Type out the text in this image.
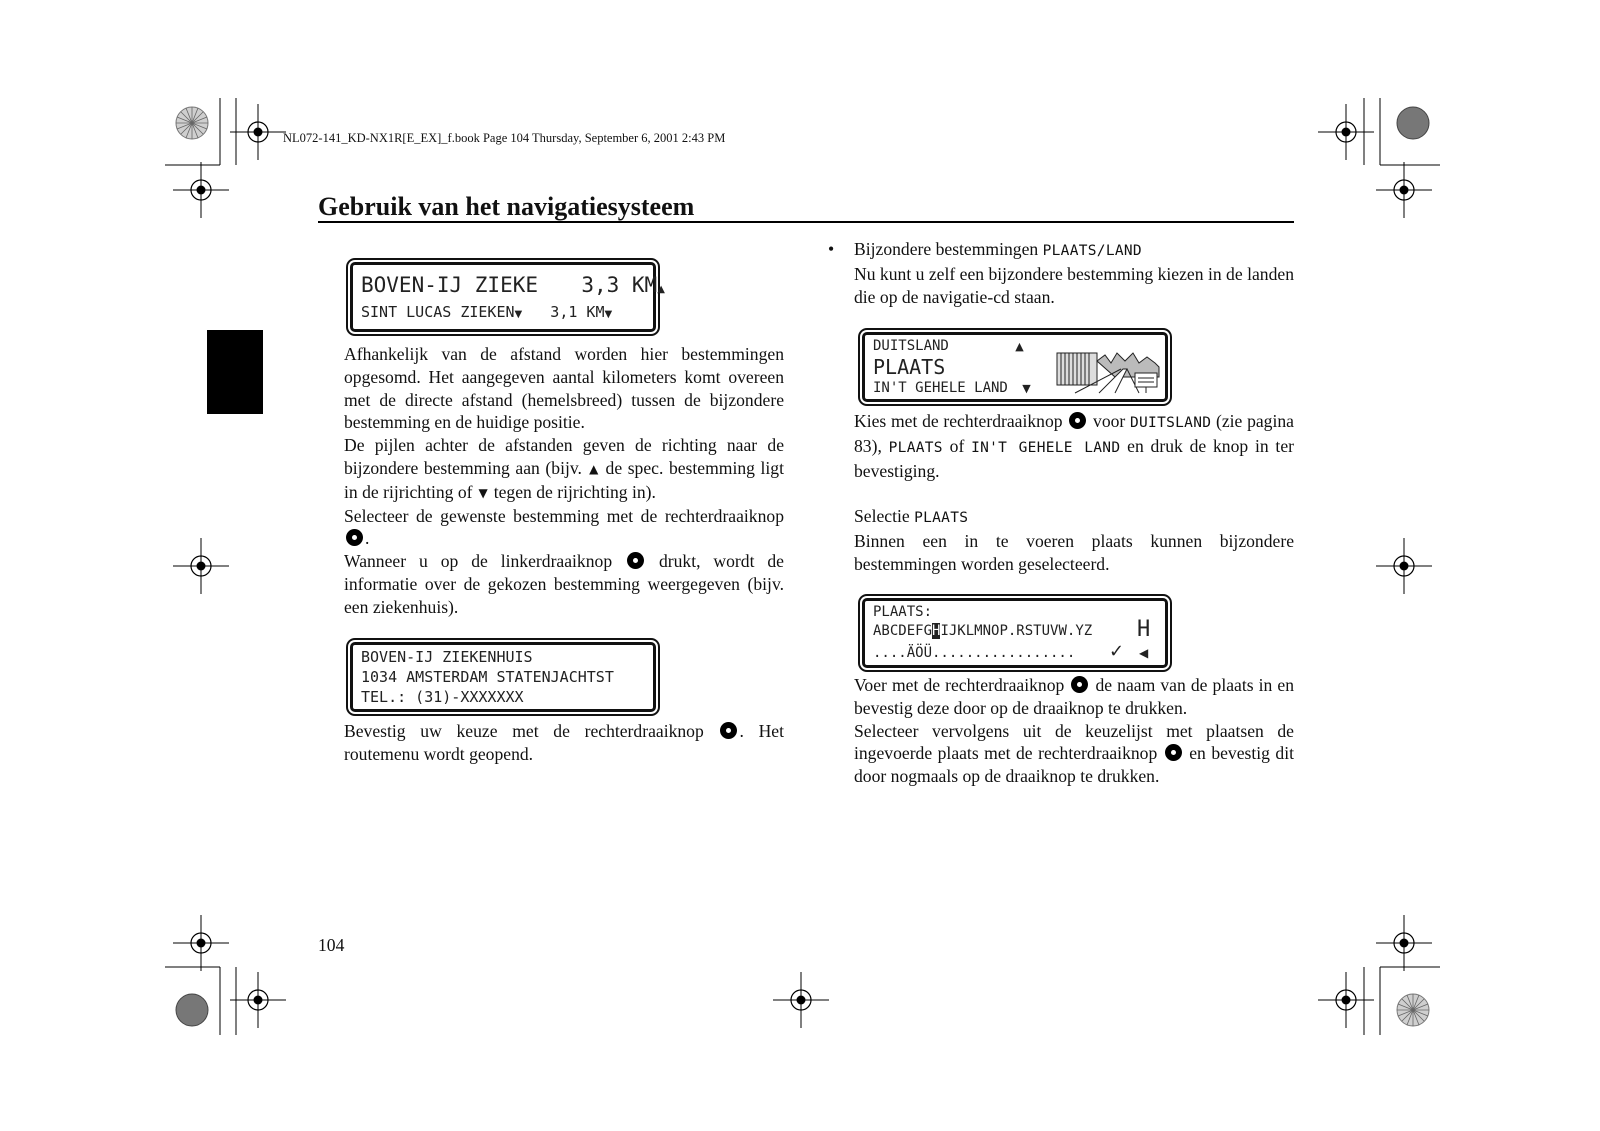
NL072-141_KD-NX1R[E_EX]_f.book Page 104 Thursday, September 6, 2001 2:43 PM
Gebruik van het navigatiesysteem
BOVEN-IJ ZIEKE 3,3 KM▲
SINT LUCAS ZIEKEN▼ 3,1 KM▼

Afhankelijk van de afstand worden hier bestemmingen opgesomd. Het aangegeven aantal kilometers komt overeen met de directe afstand (hemelsbreed) tussen de bijzondere bestemming en de huidige positie.

De pijlen achter de afstanden geven de richting naar de bijzondere bestemming aan (bijv. ▲ de spec. bestemming ligt in de rijrichting of ▼ tegen de rijrichting in).

Selecteer de gewenste bestemming met de rechterdraaiknop .

Wanneer u op de linkerdraaiknop	drukt, wordt de informatie over de gekozen bestemming weergegeven (bijv. een ziekenhuis).

BOVEN-IJ ZIEKENHUIS
1034 AMSTERDAM STATENJACHTST
TEL.: (31)-XXXXXXX

Bevestig uw keuze met de rechterdraaiknop . Het routemenu wordt geopend.

• Bijzondere bestemmingen PLAATS/LAND

Nu kunt u zelf een bijzondere bestemming kiezen in de landen die op de navigatie-cd staan.

DUITSLAND	▲
PLAATS
IN'T GEHELE LAND ▼

Kies met de rechterdraaiknop voor DUITSLAND (zie pagina 83), PLAATS of IN'T GEHELE LAND en druk de knop in ter bevestiging.

Selectie PLAATS

Binnen een in te voeren plaats kunnen bijzondere bestemmingen worden geselecteerd.

PLAATS:
ABCDEFGHIJKLMNOP.RSTUVW.YZ H
....ÄÖÜ................. ✓ ◀

Voer met de rechterdraaiknop de naam van de plaats in en bevestig deze door op de draaiknop te drukken.

Selecteer vervolgens uit de keuzelijst met plaatsen de ingevoerde plaats met de rechterdraaiknop en bevestig dit door nogmaals op de draaiknop te drukken.

104
